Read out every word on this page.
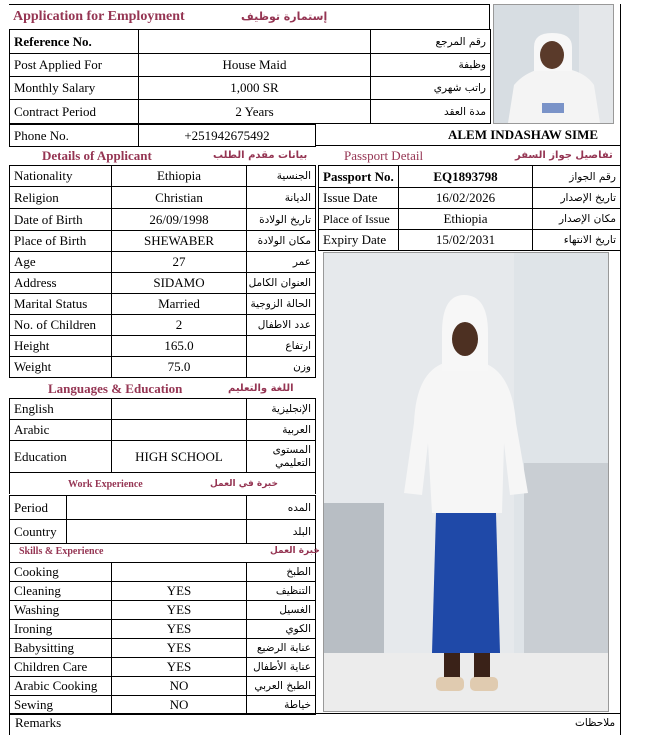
Application for Employment	إستمارة توظيف
Reference No.		رقم المرجع
Post Applied For	House Maid	وظيفة
Monthly Salary	1,000 SR	راتب شهري
Contract Period	2 Years	مدة العقد
Phone No.	+251942675492	ALEM INDASHAW SIME
Details of Applicant	بيانات مقدم الطلب
Nationality	Ethiopia	الجنسية
Religion	Christian	الديانة
Date of Birth	26/09/1998	تاريخ الولادة
Place of Birth	SHEWABER	مكان الولادة
Age	27	عمر
Address	SIDAMO	العنوان الكامل
Marital Status	Married	الحالة الزوجية
No. of Children	2	عدد الاطفال
Height	165.0	ارتفاع
Weight	75.0	وزن
Passport Detail	تفاصيل جواز السفر
Passport No.	EQ1893798	رقم الجواز
Issue Date	16/02/2026	تاريخ الإصدار
Place of Issue	Ethiopia	مكان الإصدار
Expiry Date	15/02/2031	تاريخ الانتهاء
Languages & Education	اللغة والتعليم
English		الإنجليزية
Arabic		العربية
Education	HIGH SCHOOL	المستوى
التعليمي
Work Experience	خبرة في العمل
Period		المده
Country		البلد
Skills & Experience	خبرة العمل
Cooking		الطبخ
Cleaning	YES	التنظيف
Washing	YES	الغسيل
Ironing	YES	الكوي
Babysitting	YES	عناية الرضيع
Children Care	YES	عناية الأطفال
Arabic Cooking	NO	الطبخ العربي
Sewing	NO	خياطة
Remarks	ملاحظات
